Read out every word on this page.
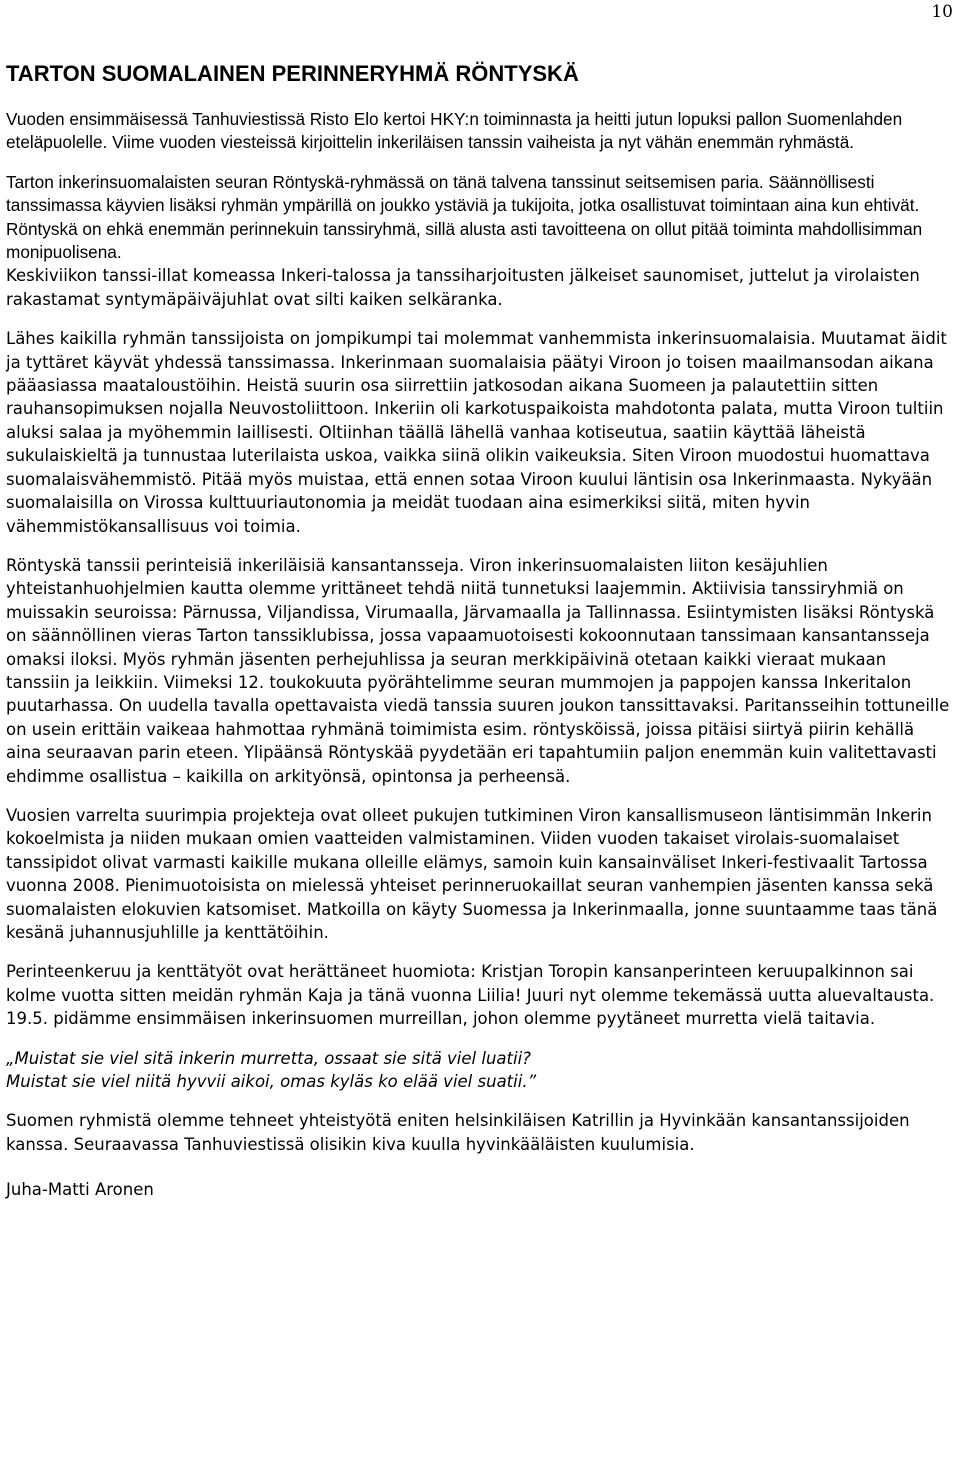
10
TARTON SUOMALAINEN PERINNERYHMÄ RÖNTYSKÄ

Vuoden ensimmäisessä Tanhuviestissä Risto Elo kertoi HKY:n toiminnasta ja heitti jutun lopuksi pallon Suomenlahden eteläpuolelle. Viime vuoden viesteissä kirjoittelin inkeriläisen tanssin vaiheista ja nyt vähän enemmän ryhmästä.

Tarton inkerinsuomalaisten seuran Röntyskä-ryhmässä on tänä talvena tanssinut seitsemisen paria. Säännöllisesti tanssimassa käyvien lisäksi ryhmän ympärillä on joukko ystäviä ja tukijoita, jotka osallistuvat toimintaan aina kun ehtivät. Röntyskä on ehkä enemmän perinnekuin tanssiryhmä, sillä alusta asti tavoitteena on ollut pitää toiminta mahdollisimman monipuolisena.

Keskiviikon tanssi-illat komeassa Inkeri-talossa ja tanssiharjoitusten jälkeiset saunomiset, juttelut ja virolaisten rakastamat syntymäpäiväjuhlat ovat silti kaiken selkäranka.

Lähes kaikilla ryhmän tanssijoista on jompikumpi tai molemmat vanhemmista inkerinsuomalaisia. Muutamat äidit ja tyttäret käyvät yhdessä tanssimassa. Inkerinmaan suomalaisia päätyi Viroon jo toisen maailmansodan aikana pääasiassa maataloustöihin. Heistä suurin osa siirrettiin jatkosodan aikana Suomeen ja palautettiin sitten rauhansopimuksen nojalla Neuvostoliittoon. Inkeriin oli karkotuspaikoista mahdotonta palata, mutta Viroon tultiin aluksi salaa ja myöhemmin laillisesti. Oltiinhan täällä lähellä vanhaa kotiseutua, saatiin käyttää läheistä sukulaiskieltä ja tunnustaa luterilaista uskoa, vaikka siinä olikin vaikeuksia. Siten Viroon muodostui huomattava suomalaisvähemmistö. Pitää myös muistaa, että ennen sotaa Viroon kuului läntisin osa Inkerinmaasta. Nykyään suomalaisilla on Virossa kulttuuriautonomia ja meidät tuodaan aina esimerkiksi siitä, miten hyvin vähemmistökansallisuus voi toimia.

Röntyskä tanssii perinteisiä inkeriläisiä kansantansseja. Viron inkerinsuomalaisten liiton kesäjuhlien yhteistanhuohjelmien kautta olemme yrittäneet tehdä niitä tunnetuksi laajemmin. Aktiivisia tanssiryhmiä on muissakin seuroissa: Pärnussa, Viljandissa, Virumaalla, Järvamaalla ja Tallinnassa. Esiintymisten lisäksi Röntyskä on säännöllinen vieras Tarton tanssiklubissa, jossa vapaamuotoisesti kokoonnutaan tanssimaan kansantansseja omaksi iloksi. Myös ryhmän jäsenten perhejuhlissa ja seuran merkkipäivinä otetaan kaikki vieraat mukaan tanssiin ja leikkiin. Viimeksi 12. toukokuuta pyörähtelimme seuran mummojen ja pappojen kanssa Inkeritalon puutarhassa. On uudella tavalla opettavaista viedä tanssia suuren joukon tanssittavaksi. Paritansseihin tottuneille on usein erittäin vaikeaa hahmottaa ryhmänä toimimista esim. röntysköissä, joissa pitäisi siirtyä piirin kehällä aina seuraavan parin eteen. Ylipäänsä Röntyskää pyydetään eri tapahtumiin paljon enemmän kuin valitettavasti ehdimme osallistua – kaikilla on arkityönsä, opintonsa ja perheensä.

Vuosien varrelta suurimpia projekteja ovat olleet pukujen tutkiminen Viron kansallismuseon läntisimmän Inkerin kokoelmista ja niiden mukaan omien vaatteiden valmistaminen. Viiden vuoden takaiset virolais-suomalaiset tanssipidot olivat varmasti kaikille mukana olleille elämys, samoin kuin kansainväliset Inkeri-festivaalit Tartossa vuonna 2008. Pienimuotoisista on mielessä yhteiset perinneruokaillat seuran vanhempien jäsenten kanssa sekä suomalaisten elokuvien katsomiset. Matkoilla on käyty Suomessa ja Inkerinmaalla, jonne suuntaamme taas tänä kesänä juhannusjuhlille ja kenttätöihin.

Perinteenkeruu ja kenttätyöt ovat herättäneet huomiota: Kristjan Toropin kansanperinteen keruupalkinnon sai kolme vuotta sitten meidän ryhmän Kaja ja tänä vuonna Liilia! Juuri nyt olemme tekemässä uutta aluevaltausta. 19.5. pidämme ensimmäisen inkerinsuomen murreillan, johon olemme pyytäneet murretta vielä taitavia.

„Muistat sie viel sitä inkerin murretta, ossaat sie sitä viel luatii?
Muistat sie viel niitä hyvvii aikoi, omas kyläs ko elää viel suatii.”

Suomen ryhmistä olemme tehneet yhteistyötä eniten helsinkiläisen Katrillin ja Hyvinkään kansantanssijoiden kanssa. Seuraavassa Tanhuviestissä olisikin kiva kuulla hyvinkääläisten kuulumisia.

Juha-Matti Aronen
